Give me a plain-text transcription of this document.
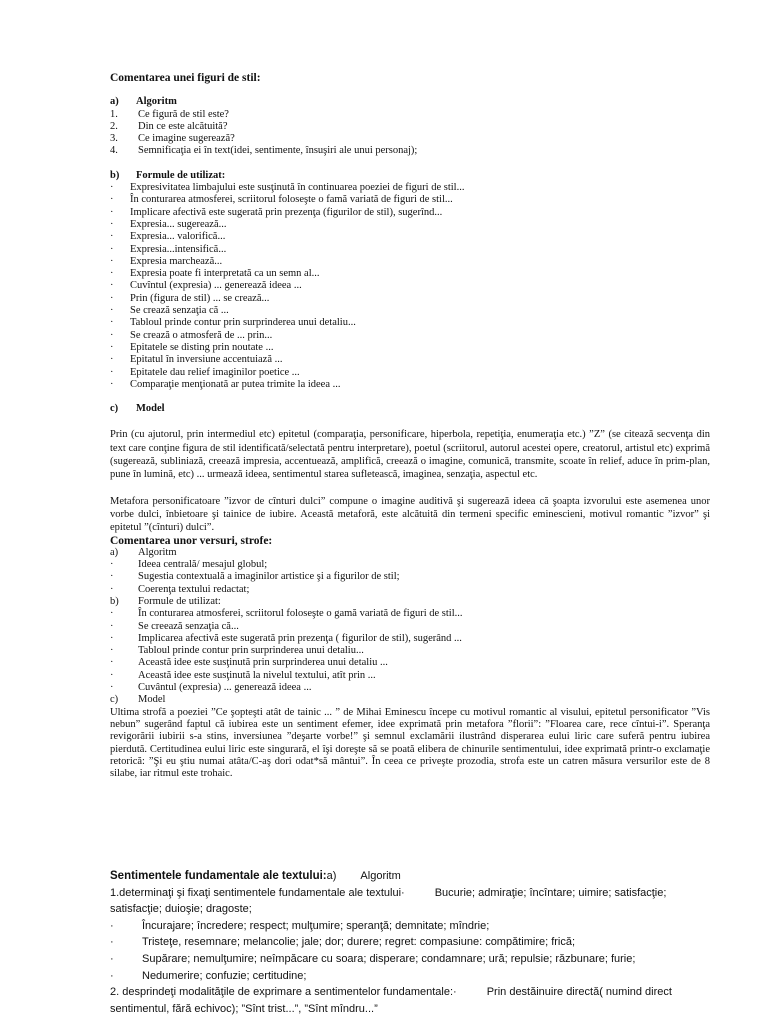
Comentarea unei figuri de stil:
a) Algoritm
1.	Ce figură de stil este?
2.	Din ce este alcătuită?
3.	Ce imagine sugerează?
4.	Semnificaţia ei în text(idei, sentimente, însuşiri ale unui personaj);
b) Formule de utilizat:
·	Expresivitatea limbajului este susţinută în continuarea poeziei de figuri de stil...
·	În conturarea atmosferei, scriitorul foloseşte o famă variată de figuri de stil...
·	Implicare afectivă este sugerată prin prezenţa (figurilor de stil), sugerînd...
·	Expresia... sugerează...
·	Expresia... valorifică...
·	Expresia...intensifică...
·	Expresia marchează...
·	Expresia poate fi interpretată ca un semn al...
·	Cuvîntul (expresia) ... generează ideea ...
·	Prin (figura de stil) ... se crează...
·	Se crează senzaţia că ...
·	Tabloul prinde contur prin surprinderea unui detaliu...
·	Se crează o atmosferă de ... prin...
·	Epitatele se disting prin noutate ...
·	Epitatul în inversiune accentuiază ...
·	Epitatele dau relief imaginilor poetice ...
·	Comparaţie menţionată ar putea trimite la ideea ...
c) Model
Prin (cu ajutorul, prin intermediul etc) epitetul (comparaţia, personificare, hiperbola, repetiţia, enumeraţia etc.) ”Z” (se citează secvenţa din text care conţine figura de stil identificată/selectată pentru interpretare), poetul (scriitorul, autorul acestei opere, creatorul, artistul etc) exprimă (sugerează, subliniază, creează impresia, accentuează, amplifică, creează o imagine, comunică, transmite, scoate în relief, aduce în prim-plan, pune în lumină, etc) ... urmează ideea, sentimentul starea sufletească, imaginea, senzaţia, aspectul etc.
Metafora personificatoare ”izvor de cînturi dulci” compune o imagine auditivă şi sugerează ideea că şoapta izvorului este asemenea unor vorbe dulci, înbietoare şi tainice de iubire. Această metaforă, este alcătuită din termeni specific eminescieni, motivul romantic ”izvor” şi epitetul ”(cînturi) dulci”.
Comentarea unor versuri, strofe:
a)	Algoritm
·	Ideea centrală/ mesajul globul;
·	Sugestia contextuală a imaginilor artistice şi a figurilor de stil;
·	Coerenţa textului redactat;
b)	Formule de utilizat:
·	În conturarea atmosferei, scriitorul foloseşte o gamă variată de figuri de stil...
·	Se creează senzaţia că...
·	Implicarea afectivă este sugerată prin prezenţa ( figurilor de stil), sugerând ...
·	Tabloul prinde contur prin surprinderea unui detaliu...
·	Această idee este susţinută prin surprinderea unui detaliu ...
·	Această idee este susţinută la nivelul textului, atît prin ...
·	Cuvântul (expresia) ... generează ideea ...
c)	Model
Ultima strofă a poeziei ”Ce şopteşti atât de tainic ... ” de Mihai Eminescu începe cu motivul romantic al visului, epitetul personificator ”Vis nebun” sugerând faptul că iubirea este un sentiment efemer, idee exprimată prin metafora ”florii”: ”Floarea care, rece cîntui-i”. Speranţa revigorării iubirii s-a stins, inversiunea ”deşarte vorbe!” şi semnul exclamării ilustrând disperarea eului liric care suferă pentru iubirea pierdută. Certitudinea eului liric este singurară, el îşi doreşte să se poată elibera de chinurile sentimentului, idee exprimată printr-o exclamaţie retorică: ”Şi eu ştiu numai atâta/C-aş dori odat*să mântui”. În ceea ce priveşte prozodia, strofa este un catren măsura versurilor este de 8 silabe, iar ritmul este trohaic.
Sentimentele fundamentale ale textului:a) Algoritm
1.determinaţi şi fixaţi sentimentele fundamentale ale textului·	Bucurie; admiraţie; încîntare; uimire; satisfacţie;
satisfacţie; duioşie; dragoste;
·	Încurajare; încredere; respect; mulţumire; speranţă; demnitate; mîndrie;
·	Tristeţe, resemnare; melancolie; jale; dor; durere; regret: compasiune: compătimire; frică;
·	Supărare; nemulţumire; neîmpăcare cu soara; disperare; condamnare; ură; repulsie; răzbunare; furie;
·	Nedumerire; confuzie; certitudine;
2. desprindeţi modalităţile de exprimare a sentimentelor fundamentale:·	Prin destăinuire directă( numind direct
sentimentul, fără echivoc); ”Sînt trist...”, ”Sînt mîndru...”
